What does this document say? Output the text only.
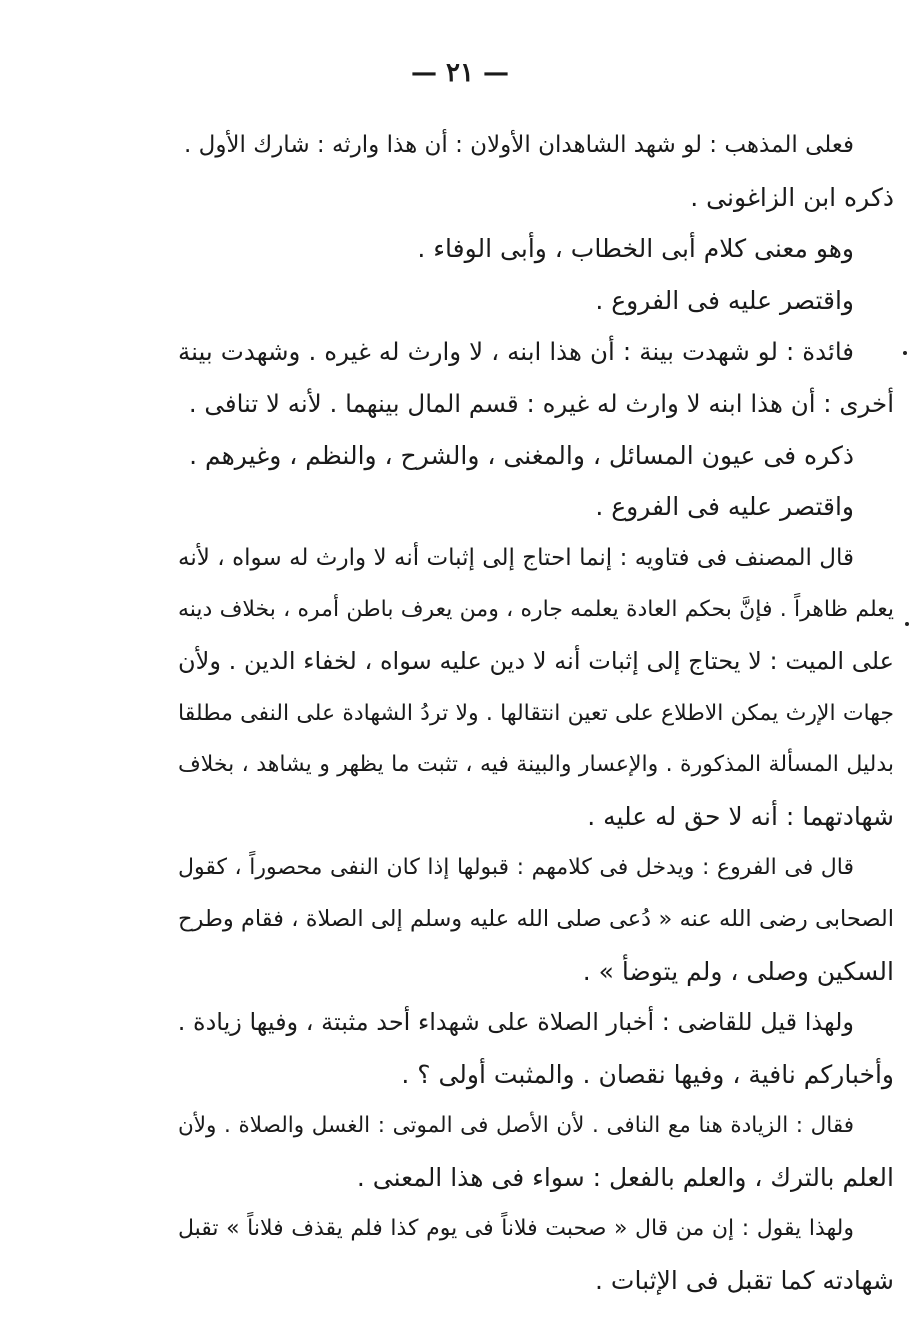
— ٢١ —
فعلى المذهب : لو شهد الشاهدان الأولان : أن هذا وارثه : شارك الأول .
ذكره ابن الزاغونى .
وهو معنى كلام أبى الخطاب ، وأبى الوفاء .
واقتصر عليه فى الفروع .
فائدة : لو شهدت بينة : أن هذا ابنه ، لا وارث له غيره . وشهدت بينة
أخرى : أن هذا ابنه لا وارث له غيره : قسم المال بينهما . لأنه لا تنافى .
ذكره فى عيون المسائل ، والمغنى ، والشرح ، والنظم ، وغيرهم .
واقتصر عليه فى الفروع .
قال المصنف فى فتاويه : إنما احتاج إلى إثبات أنه لا وارث له سواه ، لأنه
يعلم ظاهراً . فإنَّ بحكم العادة يعلمه جاره ، ومن يعرف باطن أمره ، بخلاف دينه
على الميت : لا يحتاج إلى إثبات أنه لا دين عليه سواه ، لخفاء الدين . ولأن
جهات الإرث يمكن الاطلاع على تعين انتقالها . ولا تردُ الشهادة على النفى مطلقا
بدليل المسألة المذكورة . والإعسار والبينة فيه ، تثبت ما يظهر و يشاهد ، بخلاف
شهادتهما : أنه لا حق له عليه .
قال فى الفروع : ويدخل فى كلامهم : قبولها إذا كان النفى محصوراً ، كقول
الصحابى رضى الله عنه « دُعى صلى الله عليه وسلم إلى الصلاة ، فقام وطرح
السكين وصلى ، ولم يتوضأ » .
ولهذا قيل للقاضى : أخبار الصلاة على شهداء أحد مثبتة ، وفيها زيادة .
وأخباركم نافية ، وفيها نقصان . والمثبت أولى ؟ .
فقال : الزيادة هنا مع النافى . لأن الأصل فى الموتى : الغسل والصلاة . ولأن
العلم بالترك ، والعلم بالفعل : سواء فى هذا المعنى .
ولهذا يقول : إن من قال « صحبت فلاناً فى يوم كذا فلم يقذف فلاناً » تقبل
شهادته كما تقبل فى الإثبات .
